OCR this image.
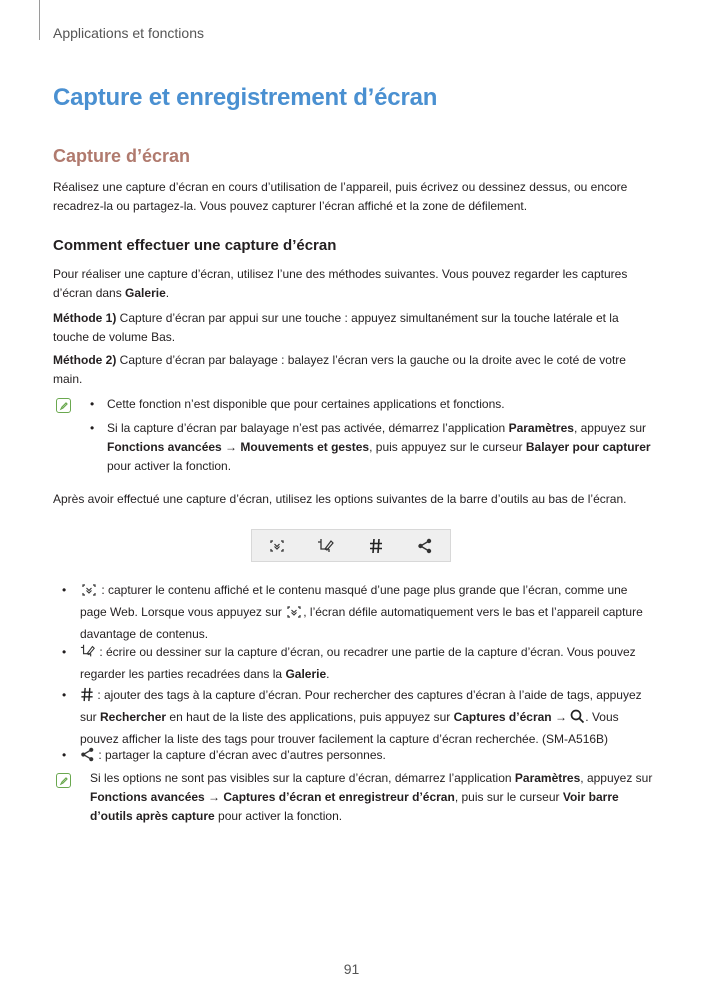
Applications et fonctions
Capture et enregistrement d’écran
Capture d’écran
Réalisez une capture d’écran en cours d’utilisation de l’appareil, puis écrivez ou dessinez dessus, ou encore recadrez-la ou partagez-la. Vous pouvez capturer l’écran affiché et la zone de défilement.
Comment effectuer une capture d’écran
Pour réaliser une capture d’écran, utilisez l’une des méthodes suivantes. Vous pouvez regarder les captures d’écran dans Galerie.
Méthode 1) Capture d’écran par appui sur une touche : appuyez simultanément sur la touche latérale et la touche de volume Bas.
Méthode 2) Capture d’écran par balayage : balayez l’écran vers la gauche ou la droite avec le coté de votre main.
• Cette fonction n’est disponible que pour certaines applications et fonctions.
• Si la capture d’écran par balayage n’est pas activée, démarrez l’application Paramètres, appuyez sur Fonctions avancées → Mouvements et gestes, puis appuyez sur le curseur Balayer pour capturer pour activer la fonction.
Après avoir effectué une capture d’écran, utilisez les options suivantes de la barre d’outils au bas de l’écran.
•	: capturer le contenu affiché et le contenu masqué d’une page plus grande que l’écran, comme une page Web. Lorsque vous appuyez sur , l’écran défile automatiquement vers le bas et l’appareil capture davantage de contenus.
•	: écrire ou dessiner sur la capture d’écran, ou recadrer une partie de la capture d’écran. Vous pouvez regarder les parties recadrées dans la Galerie.
•	: ajouter des tags à la capture d’écran. Pour rechercher des captures d’écran à l’aide de tags, appuyez sur Rechercher en haut de la liste des applications, puis appuyez sur Captures d’écran → . Vous pouvez afficher la liste des tags pour trouver facilement la capture d’écran recherchée. (SM-A516B)
•	: partager la capture d’écran avec d’autres personnes.
Si les options ne sont pas visibles sur la capture d’écran, démarrez l’application Paramètres, appuyez sur Fonctions avancées → Captures d’écran et enregistreur d’écran, puis sur le curseur Voir barre d’outils après capture pour activer la fonction.
91
